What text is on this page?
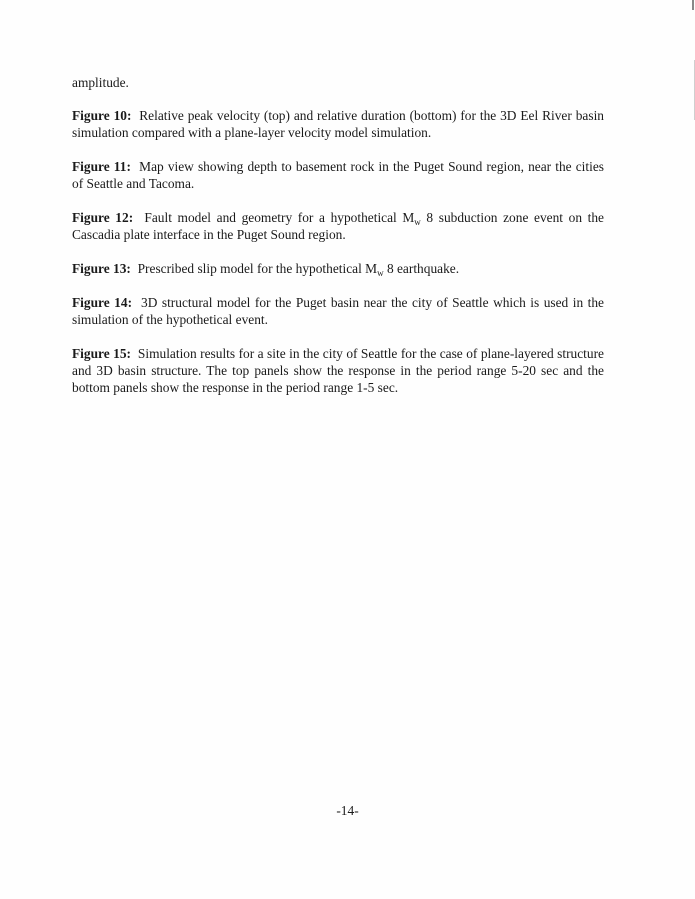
amplitude.

Figure 10: Relative peak velocity (top) and relative duration (bottom) for the 3D Eel River basin simulation compared with a plane-layer velocity model simulation.

Figure 11: Map view showing depth to basement rock in the Puget Sound region, near the cities of Seattle and Tacoma.

Figure 12: Fault model and geometry for a hypothetical $M_w$ 8 subduction zone event on the Cascadia plate interface in the Puget Sound region.

Figure 13: Prescribed slip model for the hypothetical $M_w$ 8 earthquake.

Figure 14: 3D structural model for the Puget basin near the city of Seattle which is used in the simulation of the hypothetical event.

Figure 15: Simulation results for a site in the city of Seattle for the case of plane-layered structure and 3D basin structure. The top panels show the response in the period range 5-20 sec and the bottom panels show the response in the period range 1-5 sec.

-14-
